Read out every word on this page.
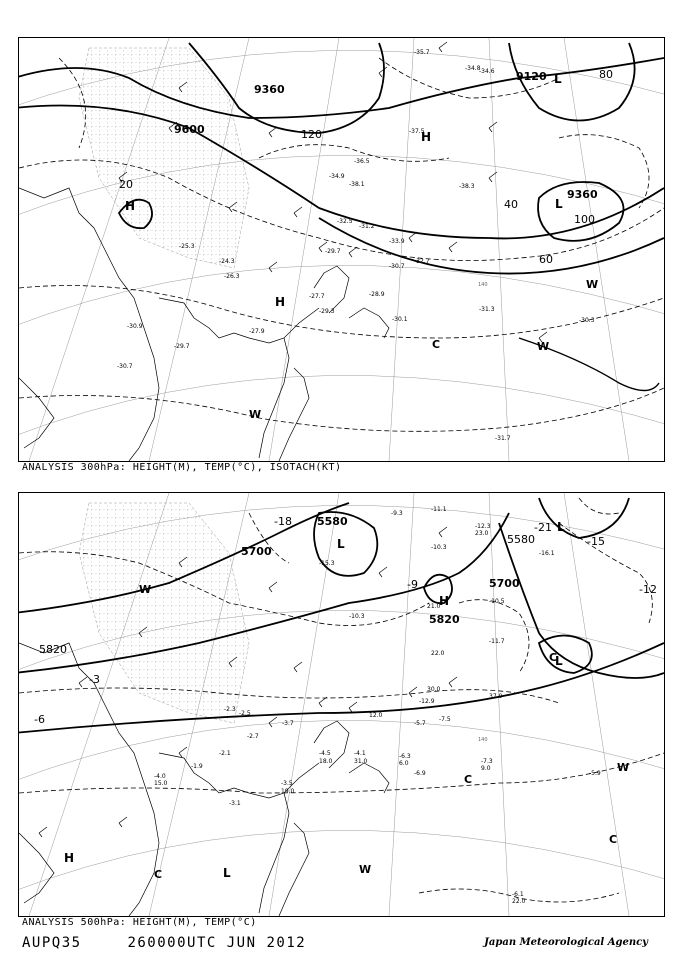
140
9600
9360
9120
9360
20
40
60
80
100
120
H
H
H
L
L
C
W
W
W
-37.5
-34.6
-36.5
-38.1
-34.9
-32.5
-33.9
-31.2
-29.7
-30.7
-32.7
-28.9
-30.1
-31.3
-30.3
-27.7
-29.3
-27.9
-30.9
-29.7
-30.7
-31.7
-25.3
-24.3
-26.3
-35.7
-34.8
-38.3
ANALYSIS 300hPa: HEIGHT(M), TEMP(°C), ISOTACH(KT)
140
5580
5700
5820
5700
5820
5580
-3
-6
-9	-12
-15
-18	-21
L
L
L
L
H
H
C
C
C
C
W
W
W
-9.3
-12.3
-11.1
-10.3
-16.1
-15.3
-10.5
-11.7
-10.3
-12.9
-7.5
-6.3
-4.5
-3.7	-5.7
-2.3
-3.1
-4.0
-2.7
-5.9
-6.1
-7.3
-6.9
-4.1
-2.5
-2.1
-1.9
-3.5
23.0
21.0
22.0
37.0
30.0
18.0	31.0
12.0
9.0
19.0
22.0
6.0
15.0
ANALYSIS 500hPa: HEIGHT(M), TEMP(°C)
AUPQ35	260000UTC JUN 2012	Japan Meteorological Agency
